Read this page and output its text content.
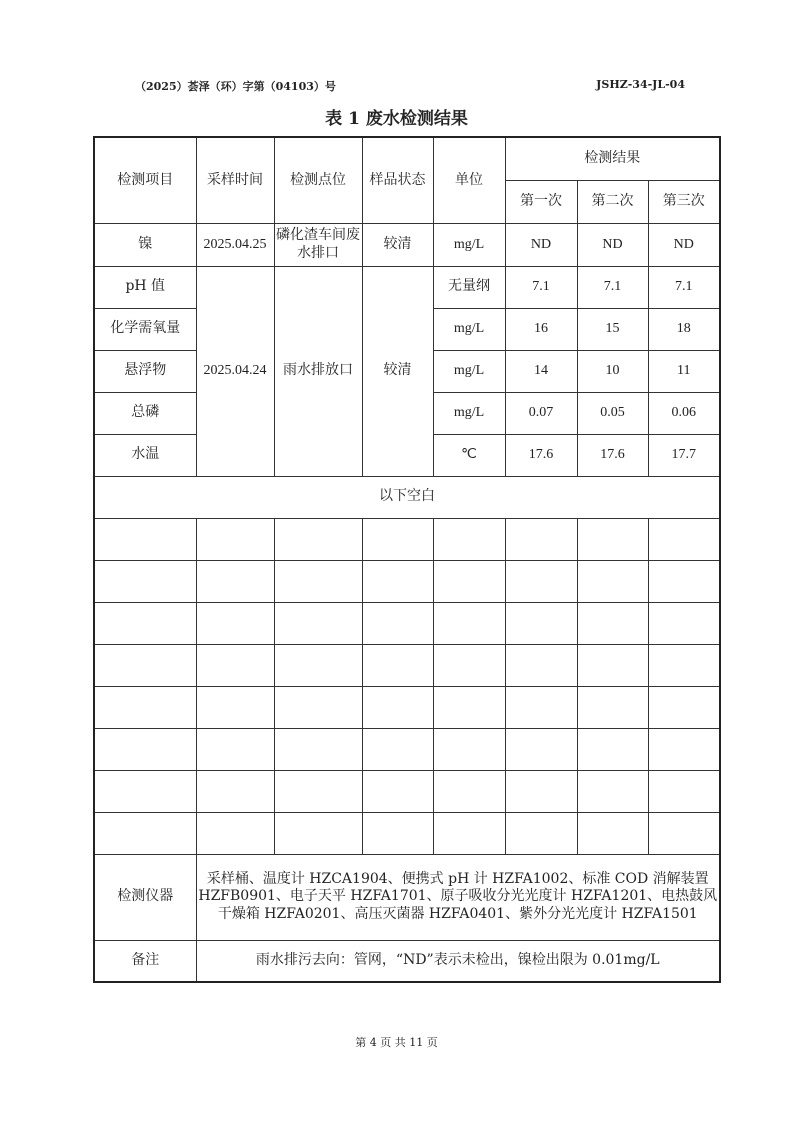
（2025）荟泽（环）字第（04103）号	JSHZ-34-JL-04
表 1 废水检测结果
检测项目	采样时间	检测点位	样品状态	单位	检测结果		
					第一次	第二次	第三次
镍	2025.04.25	磷化渣车间废水排口	较清	mg/L	ND	ND	ND
pH 值	2025.04.24	雨水排放口	较清	无量纲	7.1	7.1	7.1
化学需氧量				mg/L	16	15	18
悬浮物				mg/L	14	10	11
总磷				mg/L	0.07	0.05	0.06
水温				℃	17.6	17.6	17.7
以下空白							

检测仪器	采样桶、温度计 HZCA1904、便携式 pH 计 HZFA1002、标准 COD 消解装置 HZFB0901、电子天平 HZFA1701、原子吸收分光光度计 HZFA1201、电热鼓风干燥箱 HZFA0201、高压灭菌器 HZFA0401、紫外分光光度计 HZFA1501						
备注	雨水排污去向：管网，“ND”表示未检出，镍检出限为 0.01mg/L						
第 4 页 共 11 页
